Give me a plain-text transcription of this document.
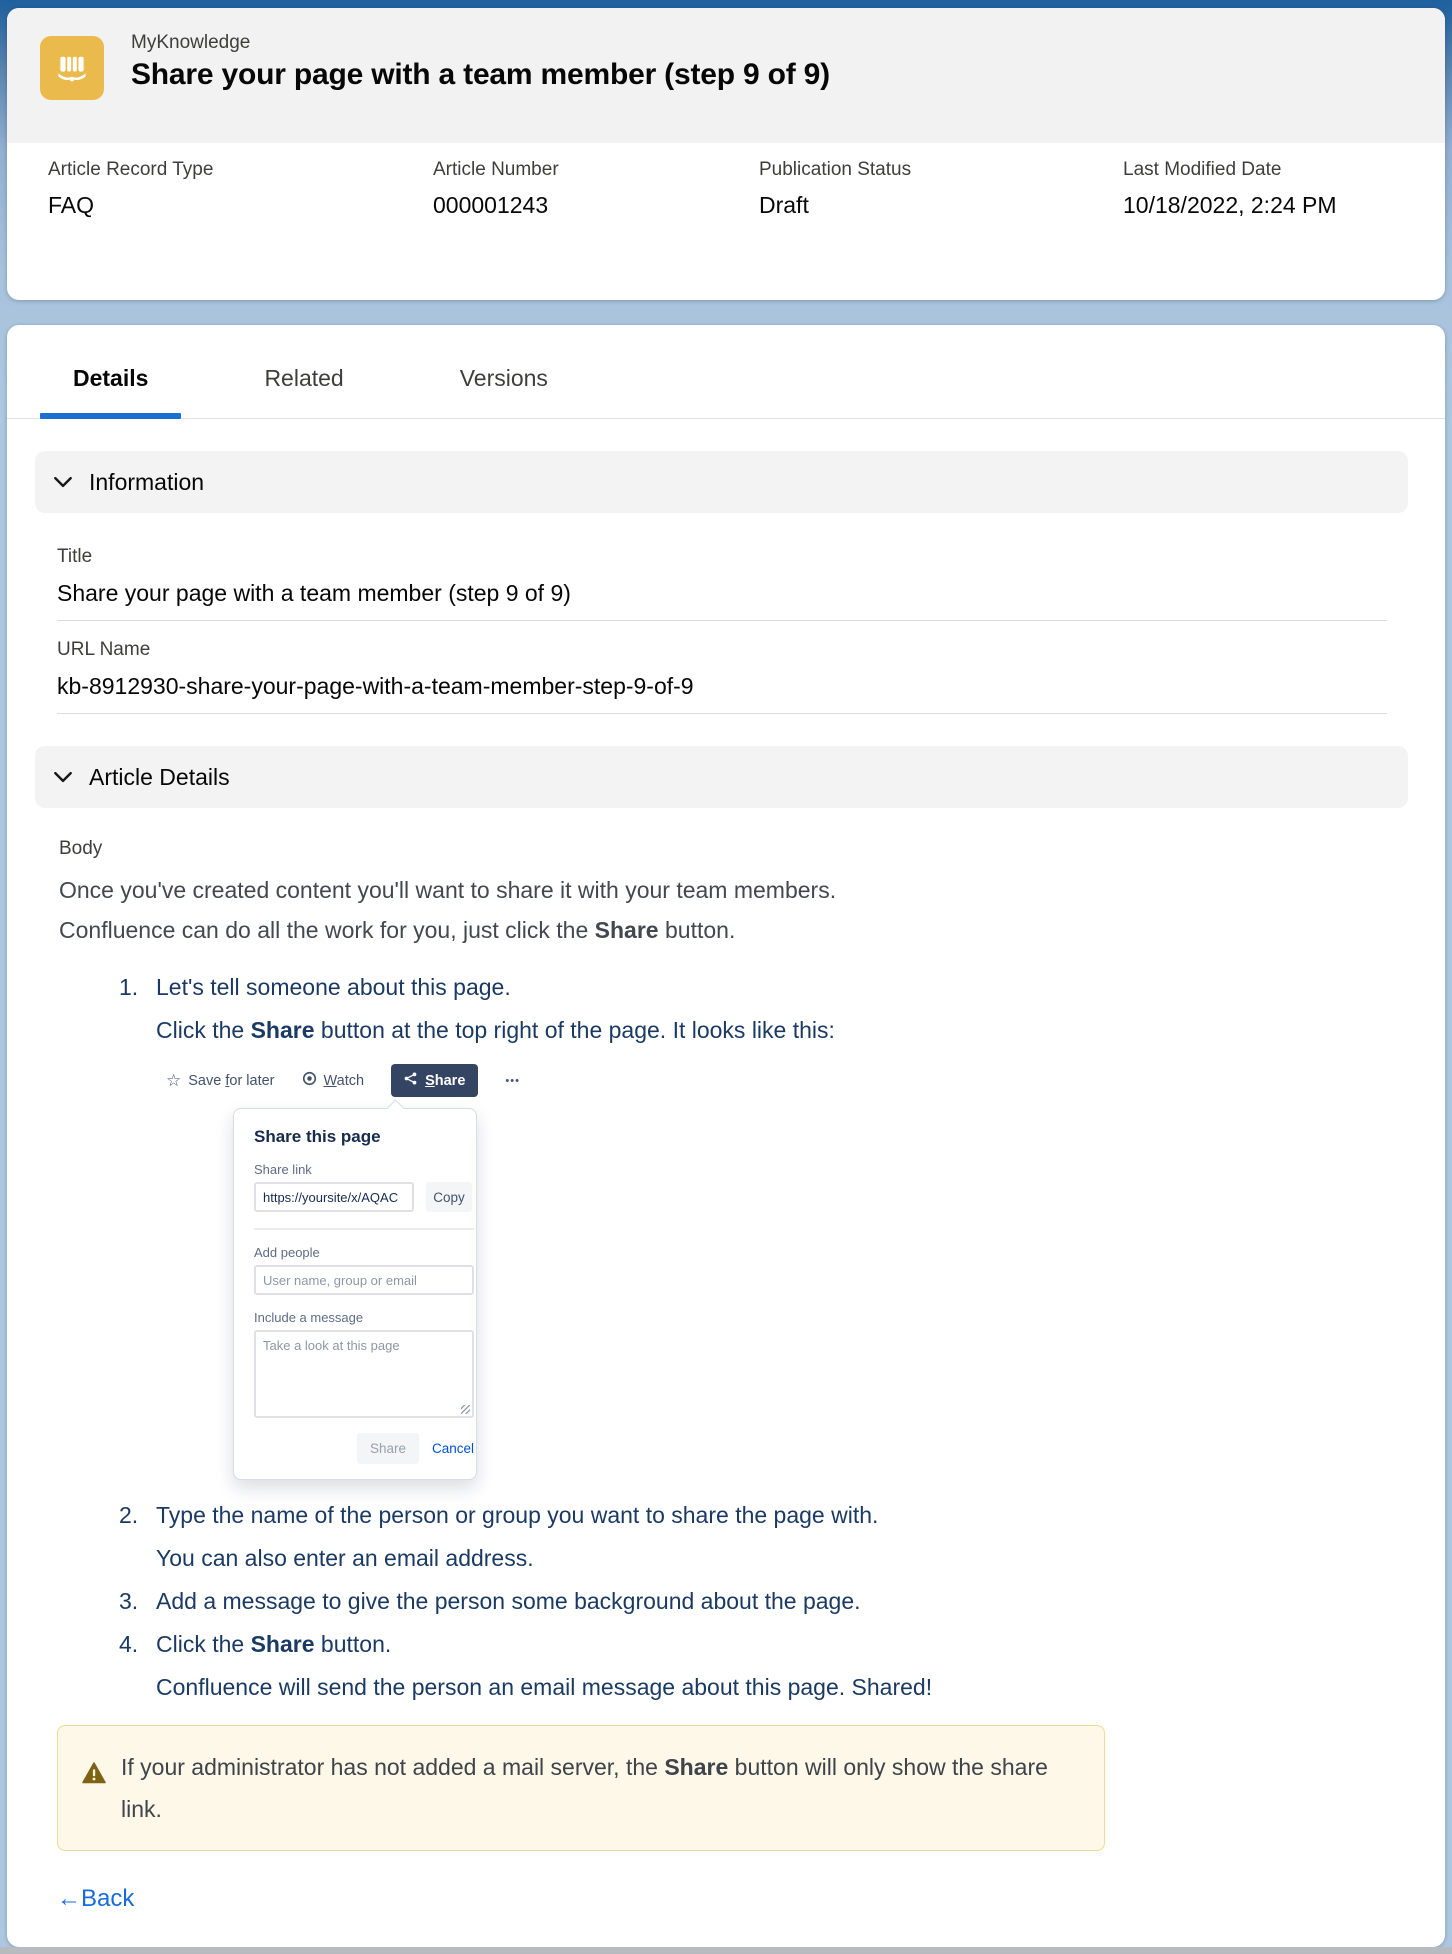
MyKnowledge
Share your page with a team member (step 9 of 9)
Article Record Type
FAQ
Article Number
000001243
Publication Status
Draft
Last Modified Date
10/18/2022, 2:24 PM
Details	Related	Versions
Information
Title
Share your page with a team member (step 9 of 9)
URL Name
kb-8912930-share-your-page-with-a-team-member-step-9-of-9
Article Details
Body
Once you've created content you'll want to share it with your team members.
Confluence can do all the work for you, just click the Share button.
1. Let's tell someone about this page.
Click the Share button at the top right of the page. It looks like this:
☆ Save for later	Watch	Share	•••
Share this page
Share link
https://yoursite/x/AQAC
Copy
Add people
User name, group or email
Include a message
Take a look at this page
Share	Cancel
2. Type the name of the person or group you want to share the page with.
You can also enter an email address.
3. Add a message to give the person some background about the page.
4. Click the Share button.
Confluence will send the person an email message about this page. Shared!
If your administrator has not added a mail server, the Share button will only show the share link.
← Back
